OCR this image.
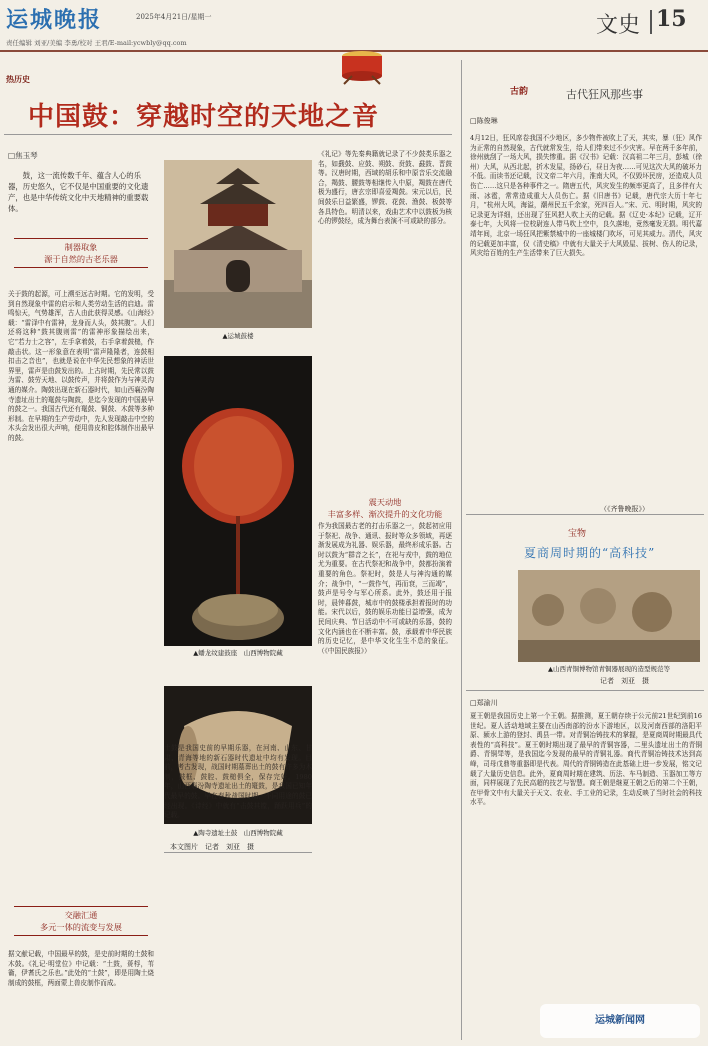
运城晚报	2025年4月21日/星期一
责任编辑 刘亚/美编 李勇/校对 王君/E-mail:ycwbly@qq.com
文史 15
热历史
中国鼓：穿越时空的天地之音
□焦玉琴
鼓，这一流传数千年、蕴含人心的乐器，历史悠久，它不仅是中国重要的文化遗产，也是中华传统文化中天地精神的重要载体。
制器取象
源于自然的古老乐器
关于鼓的起源，可上溯至远古时期。它的发明，受到自然现象中雷的启示和人类劳动生活的启迪。雷鸣惊天，气势雄浑，古人由此获得灵感。《山海经》载：“雷泽中有雷神，龙身而人头，鼓其腹”。人们还将这种“鼓其腹则雷”的雷神形象描绘出来，它“若力士之容”，左手拿着鼓，右手拿着鼓槌，作敲击状。这一形象意在表明“雷声隆隆者，连鼓相扣击之音也”，也就是说在中华先民想象的神话世界里，雷声是由鼓发出的。上古时期，先民常以鼓为雷、鼓劳天地、以鼓传声，并将鼓作为与神灵沟通的媒介。陶鼓出现在新石器时代，如山西襄汾陶寺遗址出土的鼍鼓与陶鼓，是迄今发现的中国最早的鼓之一。我国古代还有鼍鼓、铜鼓、木鼓等多种形制。在早期的生产劳动中，先人发现敲击中空的木头会发出很大声响，便用兽皮和腔体制作出最早的鼓。
交融汇通
多元一体的流变与发展
据文献记载，中国最早的鼓，是史前时期的土鼓和木鼓。《礼记·明堂位》中记载：“土鼓，蒉桴，苇籥，伊耆氏之乐也。”此处的“土鼓”，即是用陶土烧制成的鼓框，两面蒙上兽皮制作而成。
▲运城鼓楼
▲蟠龙纹建鼓座　山西博物院藏
▲陶寺遗址土鼓　山西博物院藏
本文图片　记者　刘亚　摄
土鼓是我国史前的早期乐器，在河南、山东、甘肃、青海等地的新石器时代遗址中均有发现。目前，考古发现，战国时期墓葬出土的鼓有许多为木制，鼓框、鼓腔、鼓槌俱全，保存完好。1980年，山西襄汾陶寺遗址出土的鼍鼓，是我国已知年代最早的鼓。早在春秋战国时期，不同用途的鼓已经出现。《诗经》中就有“击鼓其镗，踊跃用兵”的记载。
《礼记》等先秦典籍就记录了不少鼓类乐器之名，如鼗鼓、应鼓、朔鼓、贲鼓、鼖鼓、晋鼓等。汉唐时期，西域的胡乐和中原音乐交流融合，羯鼓、腰鼓等相继传入中原，羯鼓在唐代极为盛行，唐玄宗即喜爱羯鼓。宋元以后，民间鼓乐日益繁盛，锣鼓、花鼓、渔鼓、板鼓等各具特色。明清以来，戏曲艺术中以鼓板为核心的锣鼓经，成为舞台表演不可或缺的部分。
震天动地
丰富多样、渐次提升的文化功能
作为我国最古老的打击乐器之一，鼓起初应用于祭祀、战争、通讯、报时等众多领域，再逐渐发展成为礼器、娱乐器，最终形成乐器。古时以鼓为“群音之长”，在祀与戎中，鼓的地位尤为重要。在古代祭祀和战争中，鼓都扮演着重要的角色。祭祀时，鼓是人与神沟通的媒介；战争中，“一鼓作气，再而衰，三而竭”，鼓声是号令与军心所系。此外，鼓还用于报时，晨钟暮鼓，城市中的鼓楼承担着报时的功能。宋代以后，鼓的娱乐功能日益增强，成为民间庆典、节日活动中不可或缺的乐器，鼓的文化内涵也在不断丰富。鼓，承载着中华民族的历史记忆，是中华文化生生不息的象征。（《中国民族报》）
古韵	古代狂风那些事
□陈俊琳
4月12日，狂风席卷我国不少地区，多少物件被吹上了天，其实，暴（狂）风作为正常的自然现象，古代就常发生，给人们带来过不少灾害。早在两千多年前，徐州就刮了一场大风，损失惨重。据《汉书》记载：汉高祖二年三月，彭城（徐州）大风，从西北起，折木发屋，扬砂石，昼日为夜……可见这次大风的破坏力不低。而读书还记载，汉文帝二年六月，淮南大风，不仅毁坏民房，还造成人员伤亡……这只是各种事件之一。隋唐五代，风灾发生的频率更高了，且多伴有大雨、冰雹，常常造成重大人员伤亡。据《旧唐书》记载，唐代宗大历十年七月，“杭州大风，海溢，潮州民五千余家，死四百人。”宋、元、明时期，风灾的记录更为详细，还出现了狂风把人吹上天的记载。据《辽史·本纪》记载，辽开泰七年，大风将一位校尉连人带马吹上空中，良久落地，竟然毫发无损。明代嘉靖年间，北京一场狂风把紫禁城中的一座城楼门吹坏，可见其威力。清代，风灾的记载更加丰富，仅《清史稿》中就有大量关于大风毁屋、拔树、伤人的记录，风灾给百姓的生产生活带来了巨大损失。
（《齐鲁晚报》）
宝物
夏商周时期的“高科技”
▲山西青铜博物馆青铜器展现的造型规范等
记者　刘亚　摄
□郑渝川
夏王朝是我国历史上第一个王朝。据推测，夏王朝存续于公元前21世纪到前16世纪。夏人活动地域主要在山西南部的汾水下游地区，以及河南西部的洛阳平原、颍水上游的登封、禹县一带。对青铜冶铸技术的掌握，是夏商周时期最具代表性的“高科技”。夏王朝时期出现了最早的青铜容器，二里头遗址出土的青铜爵、青铜斝等，是我国迄今发现的最早的青铜礼器。商代青铜冶铸技术达到高峰，司母戊鼎等重器即是代表。周代的青铜铸造在此基础上进一步发展，铭文记载了大量历史信息。此外，夏商周时期在建筑、历法、车马制造、玉器加工等方面，同样展现了先民高超的技艺与智慧。商王朝是继夏王朝之后的第二个王朝，在甲骨文中有大量关于天文、农业、手工业的记录，生动反映了当时社会的科技水平。
运城新闻网
